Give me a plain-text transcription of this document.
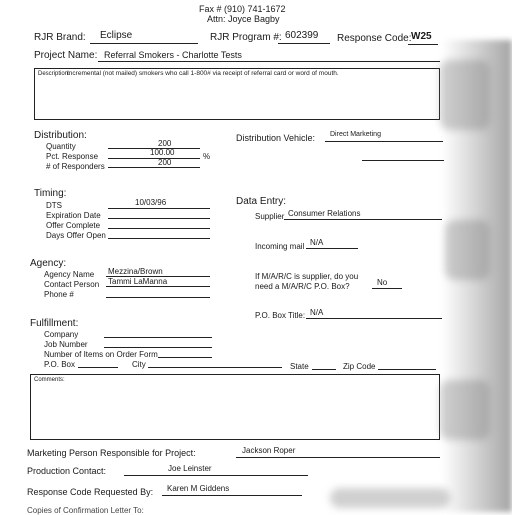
Fax # (910) 741-1672
Attn: Joyce Bagby
RJR Brand: Eclipse	RJR Program #: 602399 Response Code: W25
Project Name: Referral Smokers - Charlotte Tests
Description:
Incremental (not mailed) smokers who call 1-800# via receipt of referral card or word of mouth.
Distribution:
Quantity	200
Pct. Response	100.00	%
# of Responders	200
Distribution Vehicle: Direct Marketing
Timing:
DTS	10/03/96
Expiration Date
Offer Complete
Days Offer Open
Data Entry:
Supplier Consumer Relations
Incoming mail N/A
Agency:
Agency Name Mezzina/Brown
Contact Person Tammi LaManna
Phone #
If M/A/R/C is supplier, do you
need a M/A/R/C P.O. Box?	No
P.O. Box Title: N/A
Fulfillment:
Company
Job Number
Number of Items on Order Form
P.O. Box	City	State	Zip Code
Comments:
Marketing Person Responsible for Project:	Jackson Roper
Production Contact:	Joe Leinster
Response Code Requested By: Karen M Giddens
Copies of Confirmation Letter To:
